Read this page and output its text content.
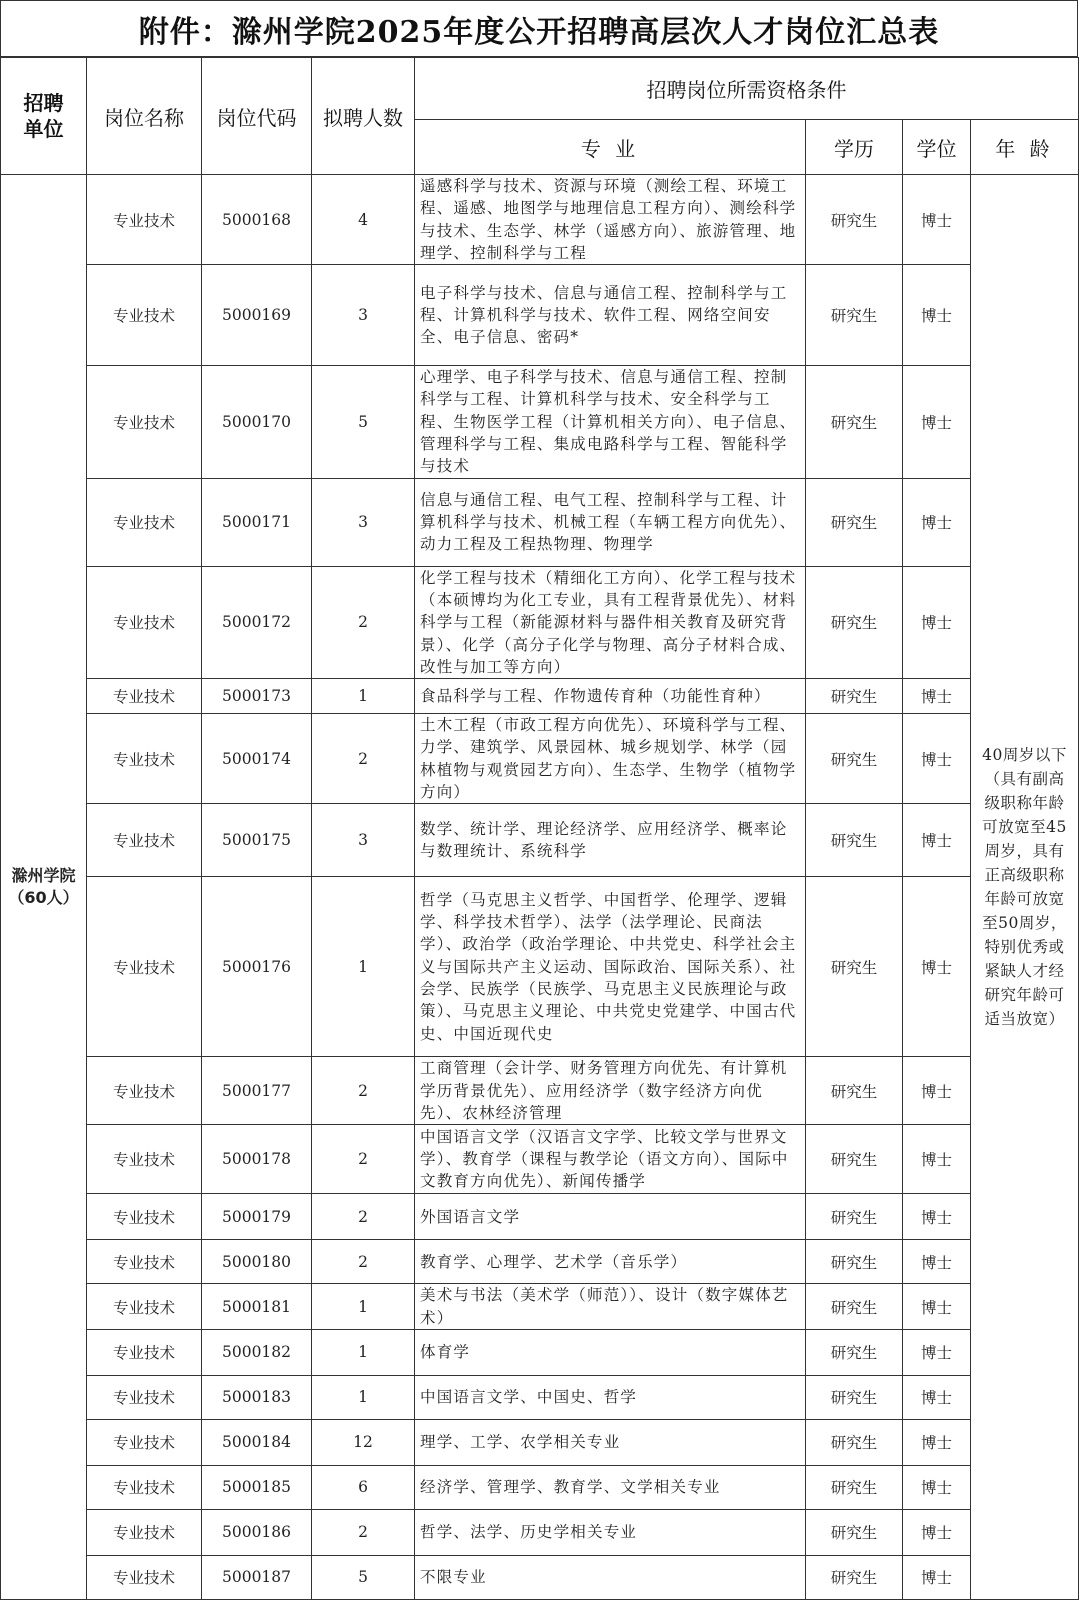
附件：滁州学院2025年度公开招聘高层次人才岗位汇总表
招聘
单位	岗位名称	岗位代码	拟聘人数	招聘岗位所需资格条件			
				专 业	学历	学位	年 龄
滁州学院
（60人）	专业技术	5000168	4	遥感科学与技术、资源与环境（测绘工程、环境工程、遥感、地图学与地理信息工程方向）、测绘科学与技术、生态学、林学（遥感方向）、旅游管理、地理学、控制科学与工程	研究生	博士	40周岁以下（具有副高级职称年龄可放宽至45周岁，具有正高级职称年龄可放宽至50周岁，特别优秀或紧缺人才经研究年龄可适当放宽）
	专业技术	5000169	3	电子科学与技术、信息与通信工程、控制科学与工程、计算机科学与技术、软件工程、网络空间安全、电子信息、密码*	研究生	博士	
	专业技术	5000170	5	心理学、电子科学与技术、信息与通信工程、控制科学与工程、计算机科学与技术、安全科学与工程、生物医学工程（计算机相关方向）、电子信息、管理科学与工程、集成电路科学与工程、智能科学与技术	研究生	博士	
	专业技术	5000171	3	信息与通信工程、电气工程、控制科学与工程、计算机科学与技术、机械工程（车辆工程方向优先）、动力工程及工程热物理、物理学	研究生	博士	
	专业技术	5000172	2	化学工程与技术（精细化工方向）、化学工程与技术（本硕博均为化工专业，具有工程背景优先）、材料科学与工程（新能源材料与器件相关教育及研究背景）、化学（高分子化学与物理、高分子材料合成、改性与加工等方向）	研究生	博士	
	专业技术	5000173	1	食品科学与工程、作物遗传育种（功能性育种）	研究生	博士	
	专业技术	5000174	2	土木工程（市政工程方向优先）、环境科学与工程、力学、建筑学、风景园林、城乡规划学、林学（园林植物与观赏园艺方向）、生态学、生物学（植物学方向）	研究生	博士	
	专业技术	5000175	3	数学、统计学、理论经济学、应用经济学、概率论与数理统计、系统科学	研究生	博士	
	专业技术	5000176	1	哲学（马克思主义哲学、中国哲学、伦理学、逻辑学、科学技术哲学）、法学（法学理论、民商法学）、政治学（政治学理论、中共党史、科学社会主义与国际共产主义运动、国际政治、国际关系）、社会学、民族学（民族学、马克思主义民族理论与政策）、马克思主义理论、中共党史党建学、中国古代史、中国近现代史	研究生	博士	
	专业技术	5000177	2	工商管理（会计学、财务管理方向优先、有计算机学历背景优先）、应用经济学（数字经济方向优先）、农林经济管理	研究生	博士	
	专业技术	5000178	2	中国语言文学（汉语言文字学、比较文学与世界文学）、教育学（课程与教学论（语文方向）、国际中文教育方向优先）、新闻传播学	研究生	博士	
	专业技术	5000179	2	外国语言文学	研究生	博士	
	专业技术	5000180	2	教育学、心理学、艺术学（音乐学）	研究生	博士	
	专业技术	5000181	1	美术与书法（美术学（师范））、设计（数字媒体艺术）	研究生	博士	
	专业技术	5000182	1	体育学	研究生	博士	
	专业技术	5000183	1	中国语言文学、中国史、哲学	研究生	博士	
	专业技术	5000184	12	理学、工学、农学相关专业	研究生	博士	
	专业技术	5000185	6	经济学、管理学、教育学、文学相关专业	研究生	博士	
	专业技术	5000186	2	哲学、法学、历史学相关专业	研究生	博士	
	专业技术	5000187	5	不限专业	研究生	博士	
